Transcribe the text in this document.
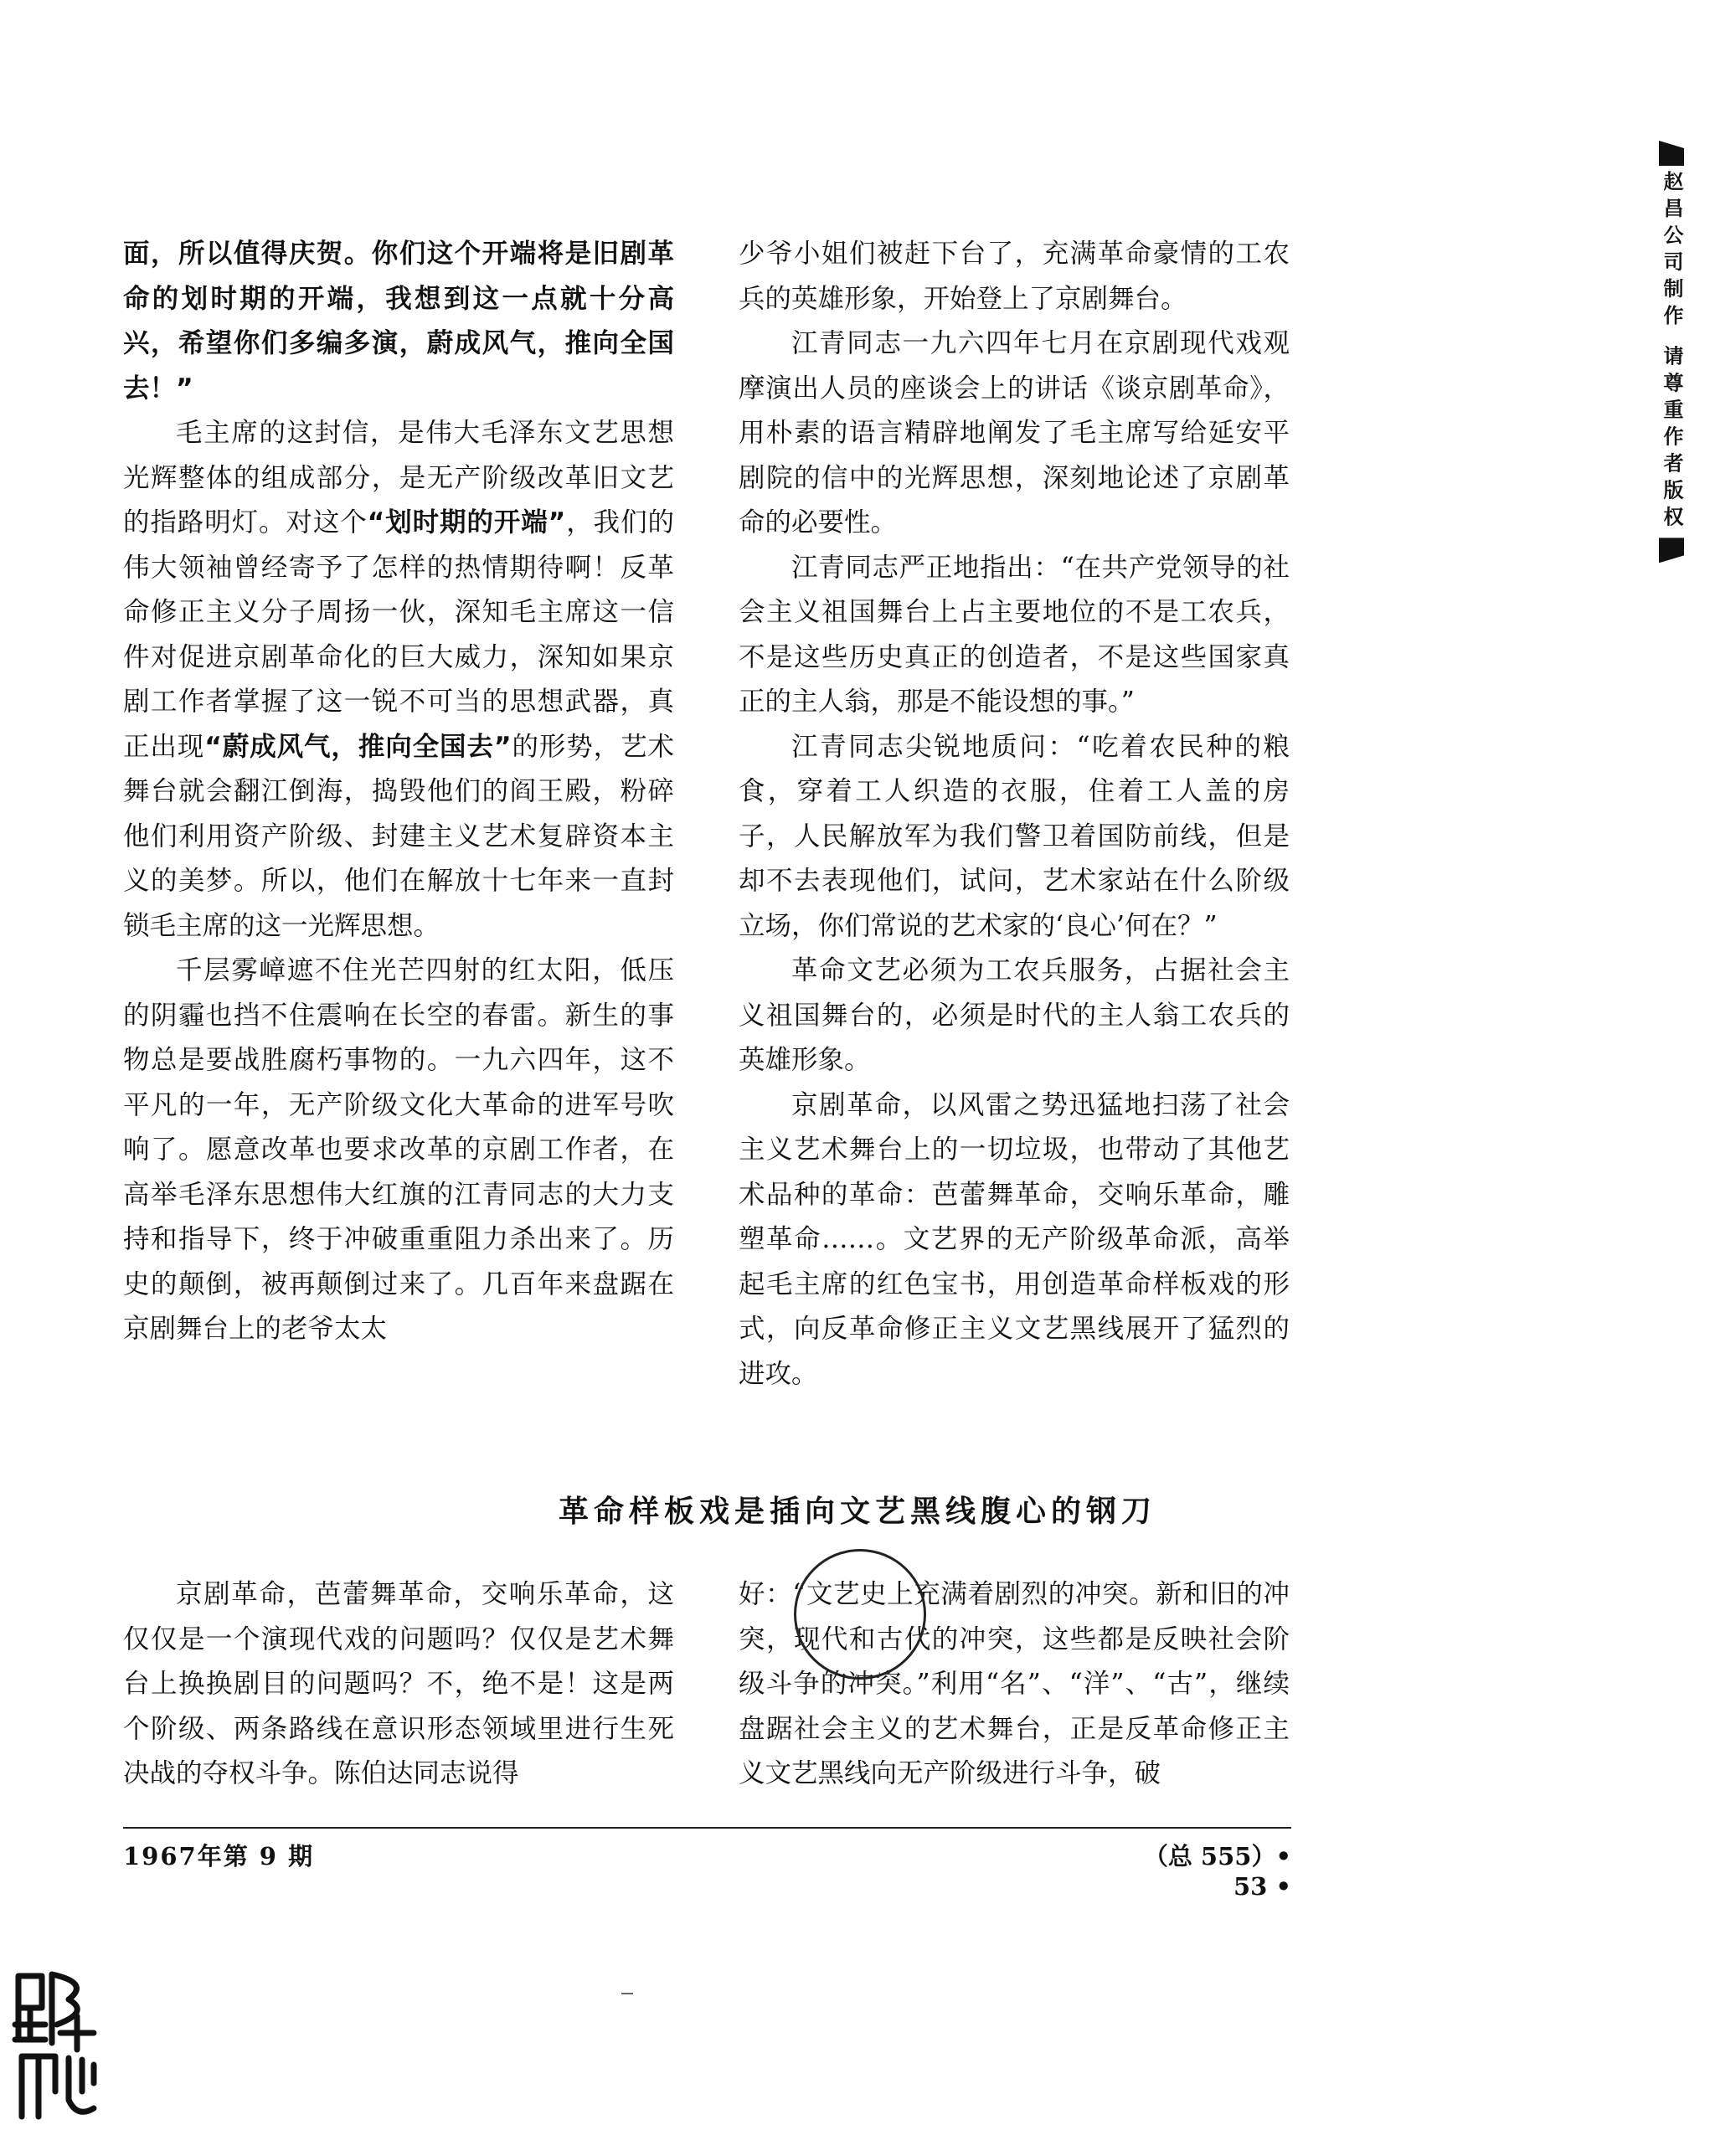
赵昌公司制作 请尊重作者版权

面，所以值得庆贺。你们这个开端将是旧剧革命的划时期的开端，我想到这一点就十分高兴，希望你们多编多演，蔚成风气，推向全国去！”

毛主席的这封信，是伟大毛泽东文艺思想光辉整体的组成部分，是无产阶级改革旧文艺的指路明灯。对这个“划时期的开端”，我们的伟大领袖曾经寄予了怎样的热情期待啊！反革命修正主义分子周扬一伙，深知毛主席这一信件对促进京剧革命化的巨大威力，深知如果京剧工作者掌握了这一锐不可当的思想武器，真正出现“蔚成风气，推向全国去”的形势，艺术舞台就会翻江倒海，捣毁他们的阎王殿，粉碎他们利用资产阶级、封建主义艺术复辟资本主义的美梦。所以，他们在解放十七年来一直封锁毛主席的这一光辉思想。

千层雾嶂遮不住光芒四射的红太阳，低压的阴霾也挡不住震响在长空的春雷。新生的事物总是要战胜腐朽事物的。一九六四年，这不平凡的一年，无产阶级文化大革命的进军号吹响了。愿意改革也要求改革的京剧工作者，在高举毛泽东思想伟大红旗的江青同志的大力支持和指导下，终于冲破重重阻力杀出来了。历史的颠倒，被再颠倒过来了。几百年来盘踞在京剧舞台上的老爷太太

少爷小姐们被赶下台了，充满革命豪情的工农兵的英雄形象，开始登上了京剧舞台。

江青同志一九六四年七月在京剧现代戏观摩演出人员的座谈会上的讲话《谈京剧革命》，用朴素的语言精辟地阐发了毛主席写给延安平剧院的信中的光辉思想，深刻地论述了京剧革命的必要性。

江青同志严正地指出：“在共产党领导的社会主义祖国舞台上占主要地位的不是工农兵，不是这些历史真正的创造者，不是这些国家真正的主人翁，那是不能设想的事。”

江青同志尖锐地质问：“吃着农民种的粮食，穿着工人织造的衣服，住着工人盖的房子，人民解放军为我们警卫着国防前线，但是却不去表现他们，试问，艺术家站在什么阶级立场，你们常说的艺术家的‘良心’何在？”

革命文艺必须为工农兵服务，占据社会主义祖国舞台的，必须是时代的主人翁工农兵的英雄形象。

京剧革命，以风雷之势迅猛地扫荡了社会主义艺术舞台上的一切垃圾，也带动了其他艺术品种的革命：芭蕾舞革命，交响乐革命，雕塑革命……。文艺界的无产阶级革命派，高举起毛主席的红色宝书，用创造革命样板戏的形式，向反革命修正主义文艺黑线展开了猛烈的进攻。

革命样板戏是插向文艺黑线腹心的钢刀

京剧革命，芭蕾舞革命，交响乐革命，这仅仅是一个演现代戏的问题吗？仅仅是艺术舞台上换换剧目的问题吗？不，绝不是！这是两个阶级、两条路线在意识形态领域里进行生死决战的夺权斗争。陈伯达同志说得

好：“文艺史上充满着剧烈的冲突。新和旧的冲突，现代和古代的冲突，这些都是反映社会阶级斗争的冲突。”利用“名”、“洋”、“古”，继续盘踞社会主义的艺术舞台，正是反革命修正主义文艺黑线向无产阶级进行斗争，破

1967年第 9 期	（总 555）• 53 •
